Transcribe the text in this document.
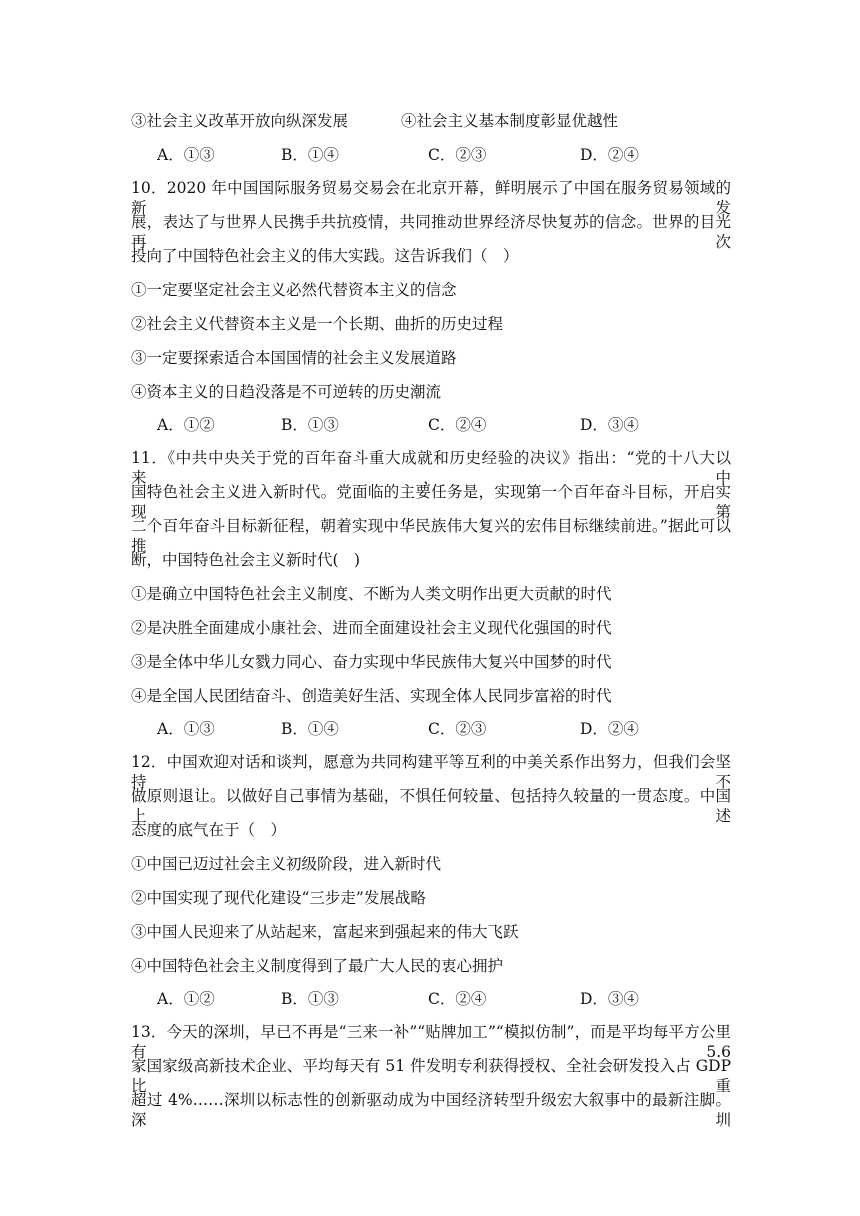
③社会主义改革开放向纵深发展	④社会主义基本制度彰显优越性
A．①③	B．①④	C．②③	D．②④
10．2020 年中国国际服务贸易交易会在北京开幕，鲜明展示了中国在服务贸易领域的新发
展，表达了与世界人民携手共抗疫情，共同推动世界经济尽快复苏的信念。世界的目光再次
投向了中国特色社会主义的伟大实践。这告诉我们（　）
①一定要坚定社会主义必然代替资本主义的信念
②社会主义代替资本主义是一个长期、曲折的历史过程
③一定要探索适合本国国情的社会主义发展道路
④资本主义的日趋没落是不可逆转的历史潮流
A．①②	B．①③	C．②④	D．③④
11．《中共中央关于党的百年奋斗重大成就和历史经验的决议》指出：“党的十八大以来，中
国特色社会主义进入新时代。党面临的主要任务是，实现第一个百年奋斗目标，开启实现第
二个百年奋斗目标新征程，朝着实现中华民族伟大复兴的宏伟目标继续前进。”据此可以推
断，中国特色社会主义新时代(　)
①是确立中国特色社会主义制度、不断为人类文明作出更大贡献的时代
②是决胜全面建成小康社会、进而全面建设社会主义现代化强国的时代
③是全体中华儿女戮力同心、奋力实现中华民族伟大复兴中国梦的时代
④是全国人民团结奋斗、创造美好生活、实现全体人民同步富裕的时代
A．①③	B．①④	C．②③	D．②④
12．中国欢迎对话和谈判，愿意为共同构建平等互利的中美关系作出努力，但我们会坚持不
做原则退让。以做好自己事情为基础，不惧任何较量、包括持久较量的一贯态度。中国上述
态度的底气在于（　）
①中国已迈过社会主义初级阶段，进入新时代
②中国实现了现代化建设“三步走”发展战略
③中国人民迎来了从站起来，富起来到强起来的伟大飞跃
④中国特色社会主义制度得到了最广大人民的衷心拥护
A．①②	B．①③	C．②④	D．③④
13．今天的深圳，早已不再是“三来一补”“贴牌加工”“模拟仿制”，而是平均每平方公里有 5.6
家国家级高新技术企业、平均每天有 51 件发明专利获得授权、全社会研发投入占 GDP 比重
超过 4%……深圳以标志性的创新驱动成为中国经济转型升级宏大叙事中的最新注脚。深圳
